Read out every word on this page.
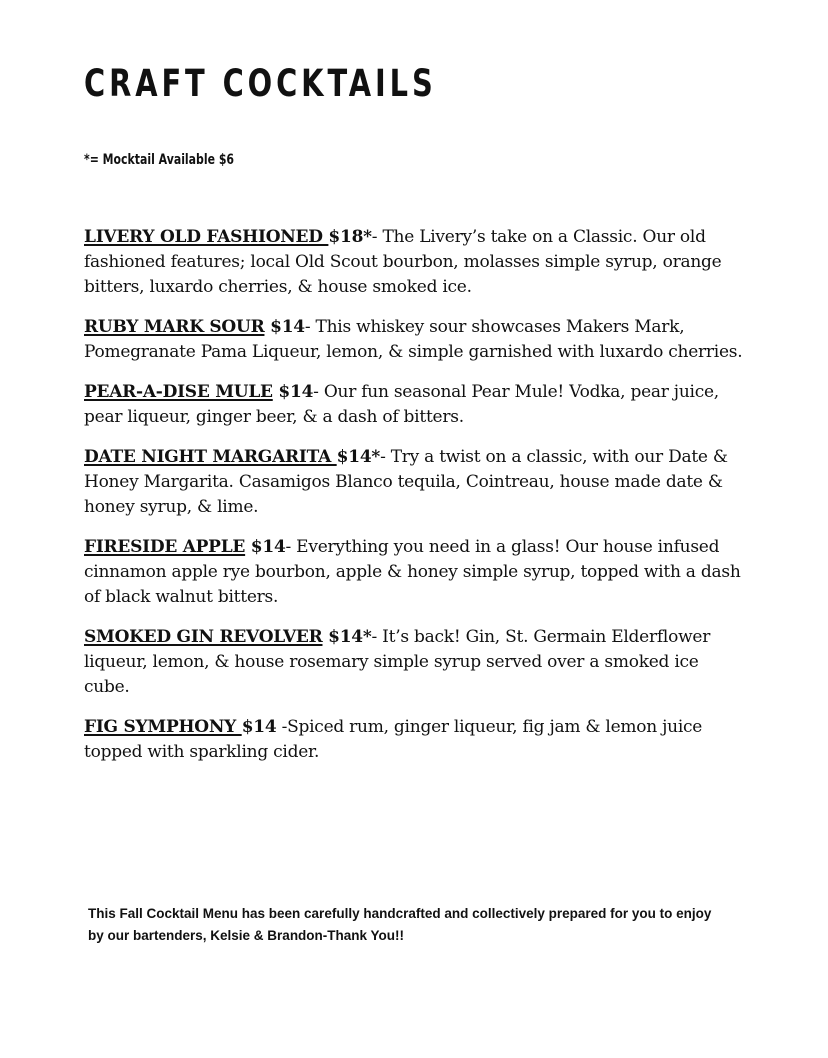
CRAFT COCKTAILS
*= Mocktail Available $6

LIVERY OLD FASHIONED $18*- The Livery’s take on a Classic. Our old fashioned features; local Old Scout bourbon, molasses simple syrup, orange bitters, luxardo cherries, & house smoked ice.

RUBY MARK SOUR $14- This whiskey sour showcases Makers Mark, Pomegranate Pama Liqueur, lemon, & simple garnished with luxardo cherries.

PEAR-A-DISE MULE $14- Our fun seasonal Pear Mule! Vodka, pear juice, pear liqueur, ginger beer, & a dash of bitters.

DATE NIGHT MARGARITA $14*- Try a twist on a classic, with our Date & Honey Margarita. Casamigos Blanco tequila, Cointreau, house made date & honey syrup, & lime.

FIRESIDE APPLE $14- Everything you need in a glass! Our house infused cinnamon apple rye bourbon, apple & honey simple syrup, topped with a dash of black walnut bitters.

SMOKED GIN REVOLVER $14*- It’s back! Gin, St. Germain Elderflower liqueur, lemon, & house rosemary simple syrup served over a smoked ice cube.

FIG SYMPHONY $14 -Spiced rum, ginger liqueur, fig jam & lemon juice topped with sparkling cider.

This Fall Cocktail Menu has been carefully handcrafted and collectively prepared for you to enjoy by our bartenders, Kelsie & Brandon-Thank You!!
